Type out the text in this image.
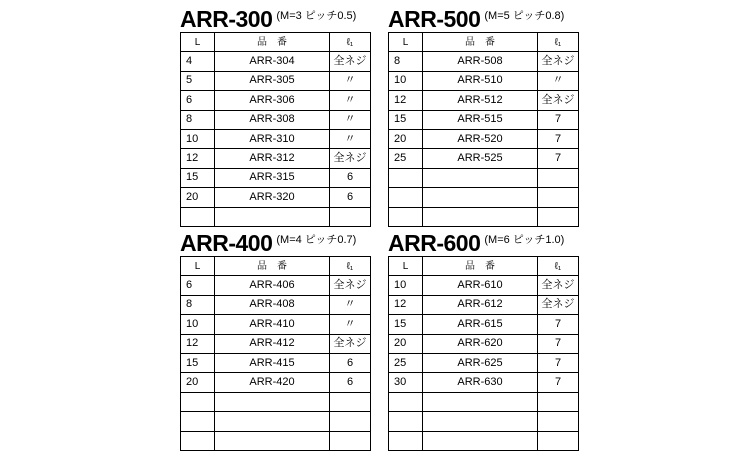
ARR-300 (M=3 ピッチ0.5)
L	品　番	ℓ₁
4	ARR-304	全ネジ
5	ARR-305	〃
6	ARR-306	〃
8	ARR-308	〃
10	ARR-310	〃
12	ARR-312	全ネジ
15	ARR-315	6
20	ARR-320	6

ARR-500 (M=5 ピッチ0.8)
L	品　番	ℓ₁
8	ARR-508	全ネジ
10	ARR-510	〃
12	ARR-512	全ネジ
15	ARR-515	7
20	ARR-520	7
25	ARR-525	7

ARR-400 (M=4 ピッチ0.7)
L	品　番	ℓ₁
6	ARR-406	全ネジ
8	ARR-408	〃
10	ARR-410	〃
12	ARR-412	全ネジ
15	ARR-415	6
20	ARR-420	6

ARR-600 (M=6 ピッチ1.0)
L	品　番	ℓ₁
10	ARR-610	全ネジ
12	ARR-612	全ネジ
15	ARR-615	7
20	ARR-620	7
25	ARR-625	7
30	ARR-630	7
